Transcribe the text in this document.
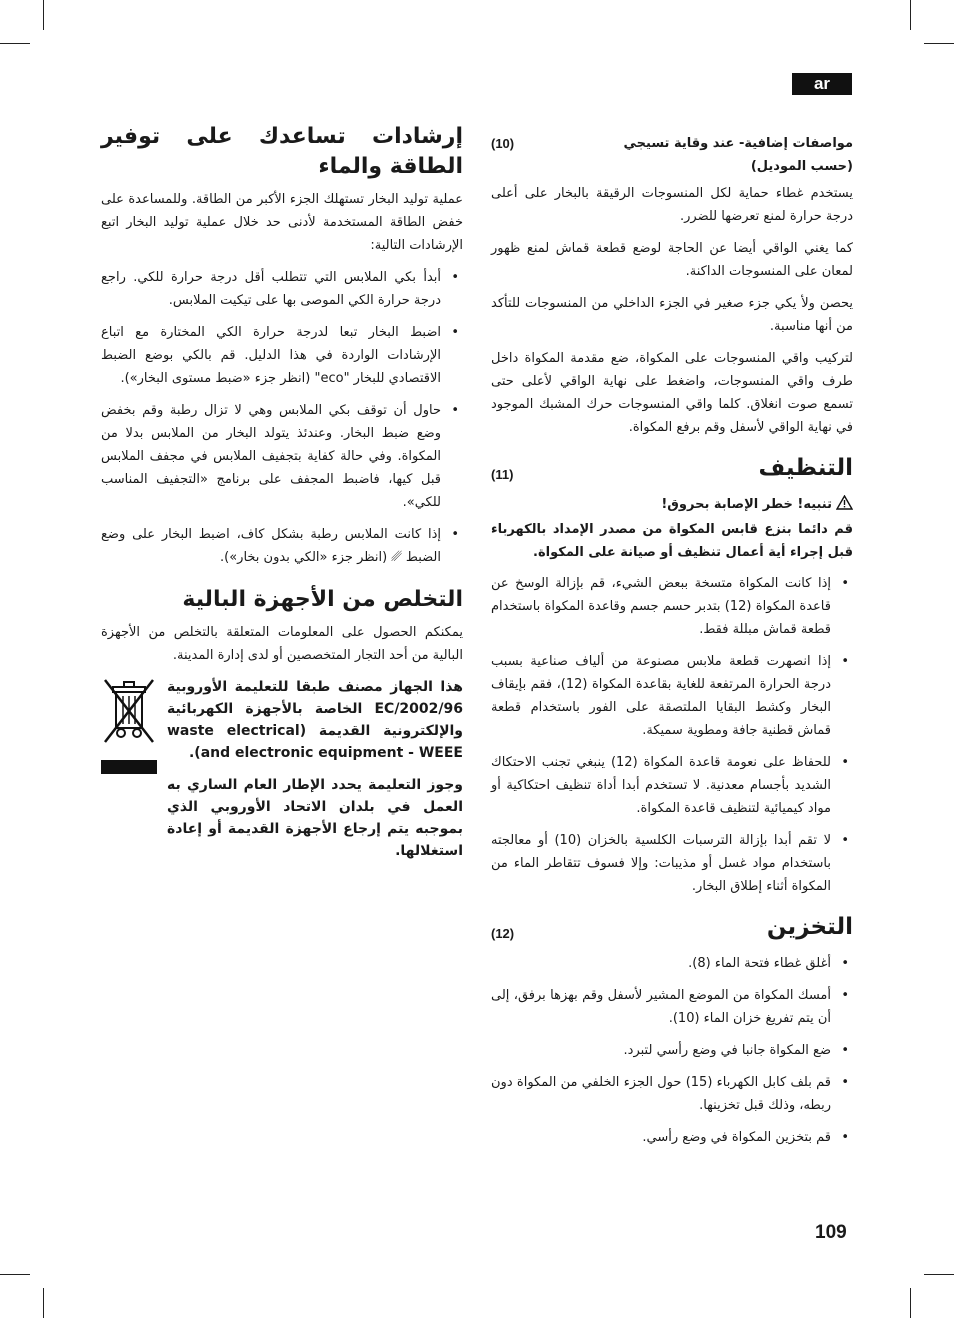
ar
مواصفات إضافية- عند وقاية تسيجي
(حسب الموديل)
(10)

يستخدم غطاء حماية لكل المنسوجات الرقيقة بالبخار على أعلى درجة حرارة لمنع تعرضها للضرر.

كما يغني الواقي أيضا عن الحاجة لوضع قطعة قماش لمنع ظهور لمعان على المنسوجات الداكنة.

يحصن ولأ يكي جزء صغير في الجزء الداخلي من المنسوجات للتأكد من أنها مناسبة.

لتركيب واقي المنسوجات على المكواة، ضع مقدمة المكواة داخل طرف واقي المنسوجات، واضغط على نهاية الواقي لأعلى حتى تسمع صوت انغلاق. كلما واقي المنسوجات حرك المشبك الموجود في نهاية الواقي لأسفل وقم برفع المكواة.

التنظيف
(11)
تنبيه! خطر الإصابة بحروق!

قم دائما بنزع قابس المكواة من مصدر الإمداد بالكهرباء قبل إجراء أية أعمال تنظيف أو صيانة على المكواة.

• إذا كانت المكواة متسخة ببعض الشيء، قم بإزالة الوسخ عن قاعدة المكواة (12) بتدبر حسم جسم وقاعدة المكواة باستخدام قطعة قماش مبللة فقط.
• إذا انصهرت قطعة ملابس مصنوعة من ألياف صناعية بسبب درجة الحرارة المرتفعة للغاية بقاعدة المكواة (12)، فقم بإيقاف البخار وكشط البقايا الملتصقة على الفور باستخدام قطعة قماش قطنية جافة ومطوية سميكة.
• للحفاظ على نعومة قاعدة المكواة (12) ينبغي تجنب الاحتكاك الشديد بأجسام معدنية. لا تستخدم أبدا أداة تنظيف احتكاكية أو مواد كيميائية لتنظيف قاعدة المكواة.
• لا تقم أبدا بإزالة الترسبات الكلسية بالخزان (10) أو معالجته باستخدام مواد غسل أو مذيبات: وإلا فسوف تتقاطر الماء من المكواة أثناء إطلاق البخار.
التخزين
(12)
• أغلق غطاء فتحة الماء (8).
• أمسك المكواة من الموضع المشير لأسفل وقم بهزها برفق، إلى أن يتم تفريغ خزان الماء (10).
• ضع المكواة جانبا في وضع رأسي لتبرد.
• قم بلف كابل الكهرباء (15) حول الجزء الخلفي من المكواة دون ربطه، وذلك قبل تخزينها.
• قم بتخزين المكواة في وضع رأسي.
إرشادات تساعدك على توفير الطاقة والماء

عملية توليد البخار تستهلك الجزء الأكبر من الطاقة. وللمساعدة على خفض الطاقة المستخدمة لأدنى حد خلال عملية توليد البخار اتبع الإرشادات التالية:

• أبدأ بكي الملابس التي تتطلب أقل درجة حرارة للكي. راجع درجة حرارة الكي الموصى بها على تيكيت الملابس.
• اضبط البخار تبعا لدرجة حرارة الكي المختارة مع اتباع الإرشادات الواردة في هذا الدليل. قم بالكي بوضع الضبط الاقتصادي للبخار "eco" (انظر جزء «ضبط مستوى البخار»).
• حاول أن توقف بكي الملابس وهي لا تزال رطبة وقم بخفض وضع ضبط البخار. وعندئذ يتولد البخار من الملابس بدلا من المكواة. وفي حالة كفاية بتجفيف الملابس في مجفف الملابس قبل كيها، فاضبط المجفف على برنامج «التجفيف المناسب للكي».
• إذا كانت الملابس رطبة بشكل كاف، اضبط البخار على وضع الضبط ␥ (انظر جزء «الكي بدون بخار»).
التخلص من الأجهزة البالية

يمكنكم الحصول على المعلومات المتعلقة بالتخلص من الأجهزة البالية من أحد التجار المتخصصين أو لدى إدارة المدينة.

هذا الجهاز مصنف طبقا للتعليمة الأوروبية EC/2002/96 الخاصة بالأجهزة الكهربائية والإلكترونية القديمة (waste electrical and electronic equipment - WEEE).
وجوز التعليمة يحدد الإطار العام الساري به العمل في بلدان الاتحاد الأوروبي الذي بموجبه يتم إرجاع الأجهزة القديمة أو إعادة استغلالها.
109
